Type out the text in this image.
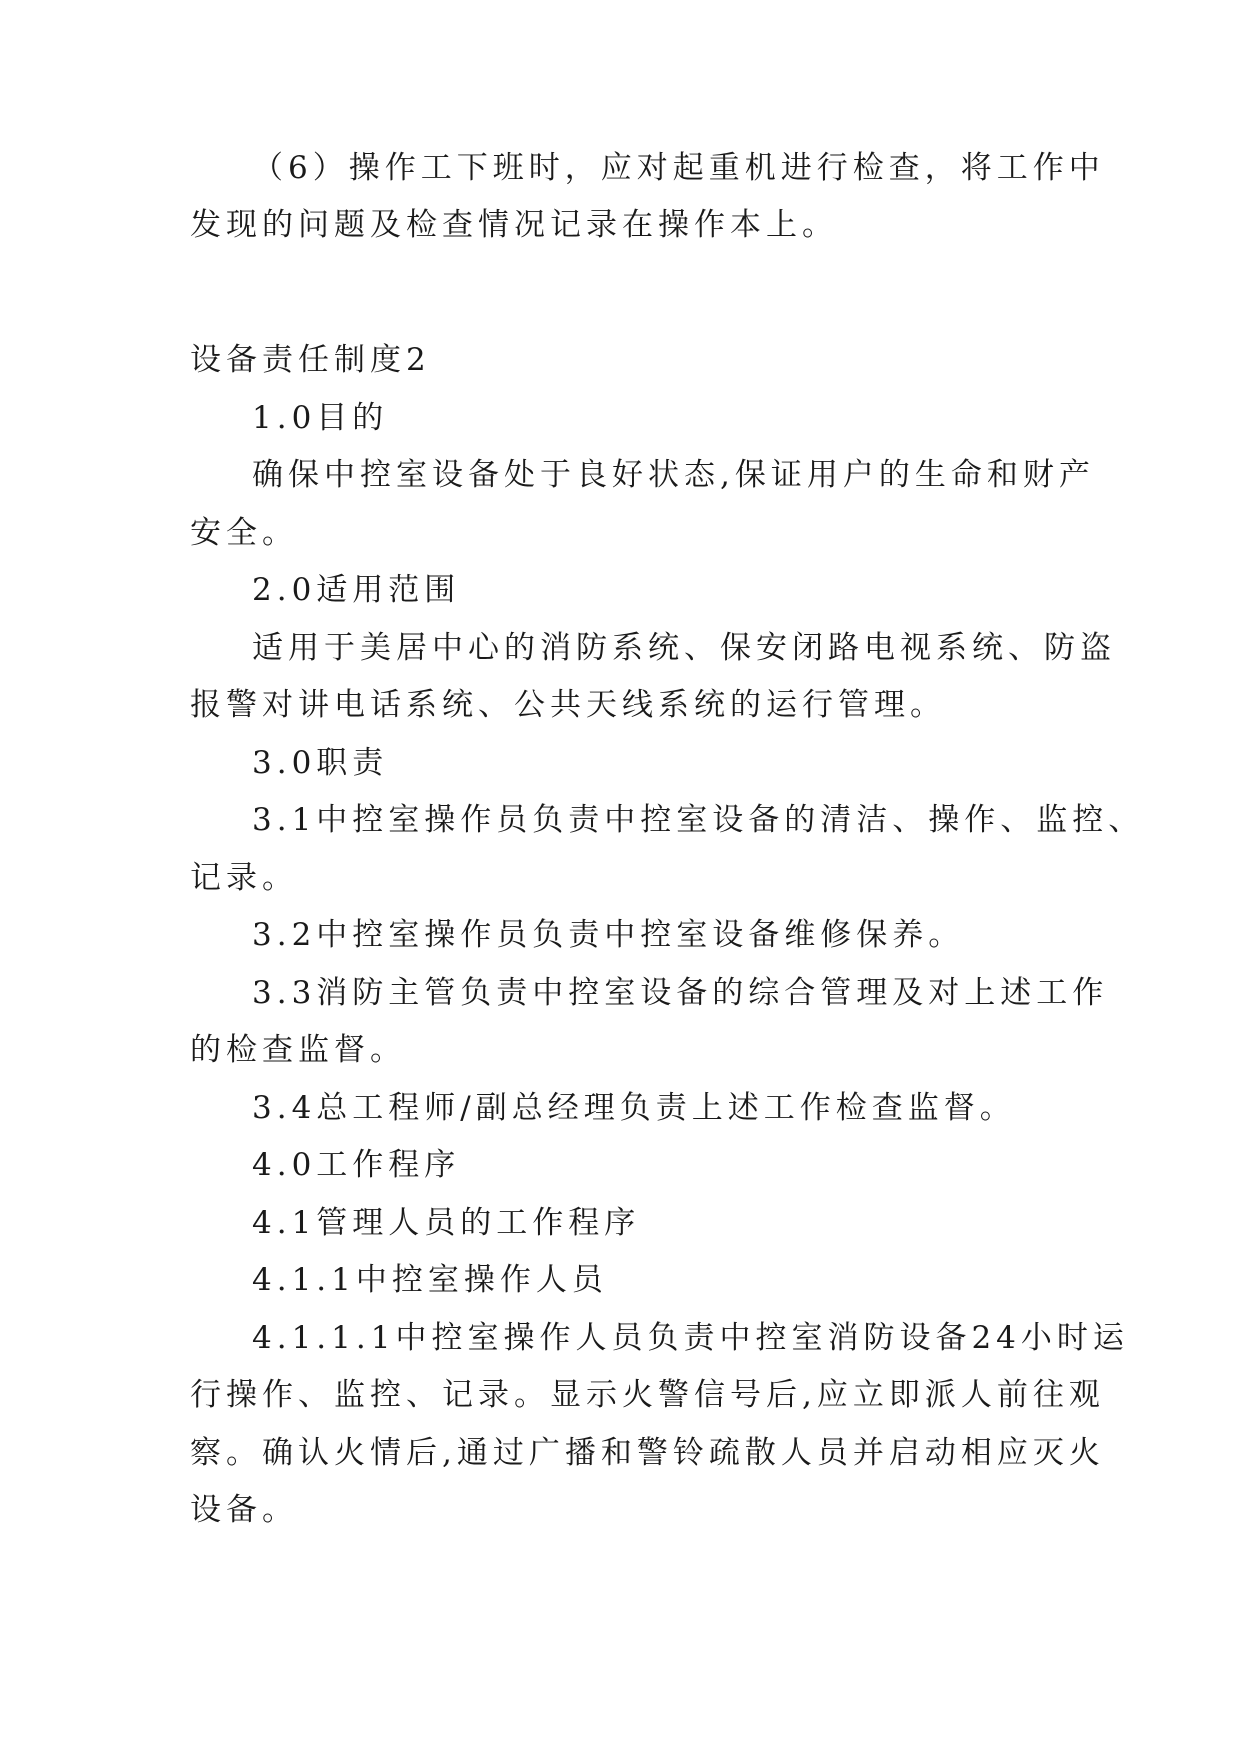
（6）操作工下班时，应对起重机进行检查，将工作中

发现的问题及检查情况记录在操作本上。

设备责任制度2

1.0目的

确保中控室设备处于良好状态,保证用户的生命和财产

安全。

2.0适用范围

适用于美居中心的消防系统、保安闭路电视系统、防盗

报警对讲电话系统、公共天线系统的运行管理。

3.0职责

3.1中控室操作员负责中控室设备的清洁、操作、监控、

记录。

3.2中控室操作员负责中控室设备维修保养。

3.3消防主管负责中控室设备的综合管理及对上述工作

的检查监督。

3.4总工程师/副总经理负责上述工作检查监督。

4.0工作程序

4.1管理人员的工作程序

4.1.1中控室操作人员

4.1.1.1中控室操作人员负责中控室消防设备24小时运

行操作、监控、记录。显示火警信号后,应立即派人前往观

察。确认火情后,通过广播和警铃疏散人员并启动相应灭火

设备。
